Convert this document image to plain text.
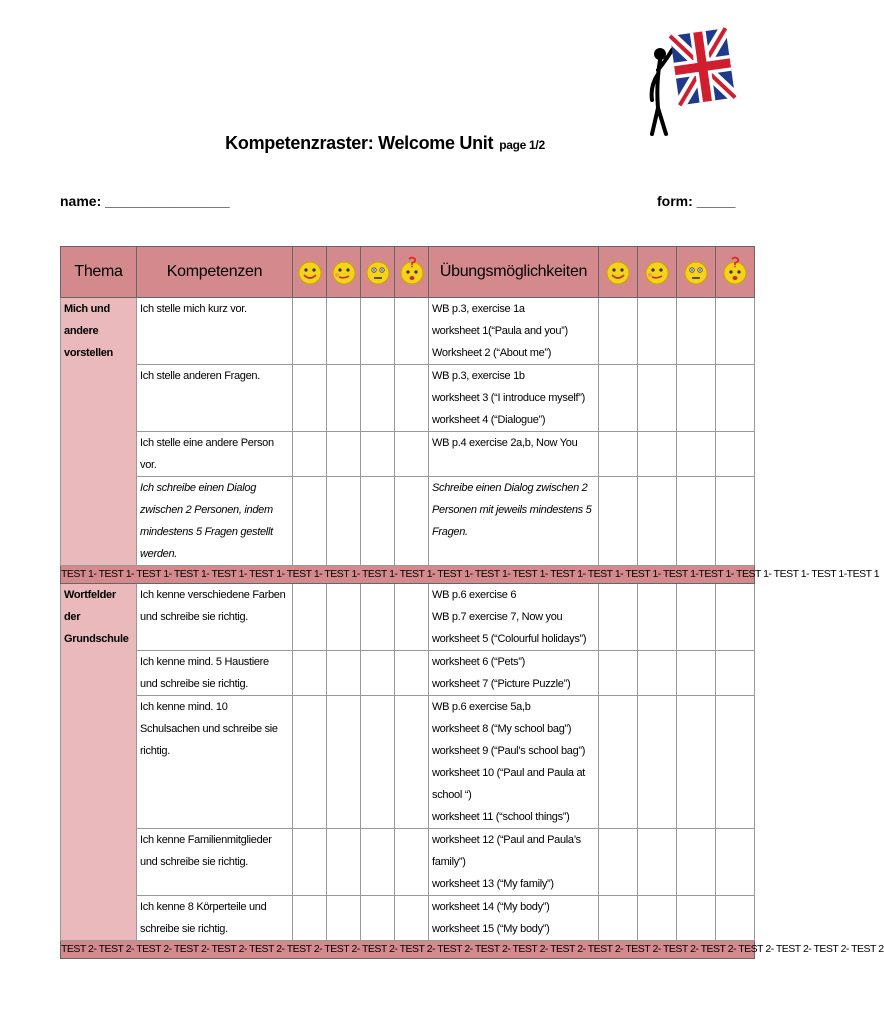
Kompetenzraster: Welcome Unit page 1/2
name: ________________	form: _____
Thema	Kompetenzen					Übungsmöglichkeiten	

Mich und andere vorstellen	Ich stelle mich kurz vor.					WB p.3, exercise 1a
worksheet 1(“Paula and you”)
Worksheet 2 (“About me”)				

	Ich stelle anderen Fragen.					WB p.3, exercise 1b
worksheet 3 (“I introduce myself”)
worksheet 4 (“Dialogue”)				

	Ich stelle eine andere Person vor.					WB p.4 exercise 2a,b, Now You				

	Ich schreibe einen Dialog zwischen 2 Personen, indem mindestens 5 Fragen gestellt werden.					Schreibe einen Dialog zwischen 2 Personen mit jeweils mindestens 5 Fragen.				

TEST 1- TEST 1- TEST 1- TEST 1- TEST 1- TEST 1- TEST 1- TEST 1- TEST 1- TEST 1- TEST 1- TEST 1- TEST 1- TEST 1- TEST 1- TEST 1- TEST 1-TEST 1- TEST 1- TEST 1- TEST 1-TEST 1										
Wortfelder der Grundschule	Ich kenne verschiedene Farben und schreibe sie richtig.					WB p.6 exercise 6
WB p.7 exercise 7, Now you
worksheet 5 (“Colourful holidays”)				

	Ich kenne mind. 5 Haustiere und schreibe sie richtig.					worksheet 6 (“Pets”)
worksheet 7 (“Picture Puzzle”)				

	Ich kenne mind. 10 Schulsachen und schreibe sie richtig.					WB p.6 exercise 5a,b
worksheet 8 (“My school bag”)
worksheet 9 (“Paul’s school bag”)
worksheet 10 (“Paul and Paula at school “)
worksheet 11 (“school things”)				

	Ich kenne Familienmitglieder und schreibe sie richtig.					worksheet 12 (“Paul and Paula’s family”)
worksheet 13 (“My family”)				

	Ich kenne 8 Körperteile und schreibe sie richtig.					worksheet 14 (“My body”)
worksheet 15 (“My body”)				

TEST 2- TEST 2- TEST 2- TEST 2- TEST 2- TEST 2- TEST 2- TEST 2- TEST 2- TEST 2- TEST 2- TEST 2- TEST 2- TEST 2- TEST 2- TEST 2- TEST 2- TEST 2- TEST 2- TEST 2- TEST 2- TEST 2										
